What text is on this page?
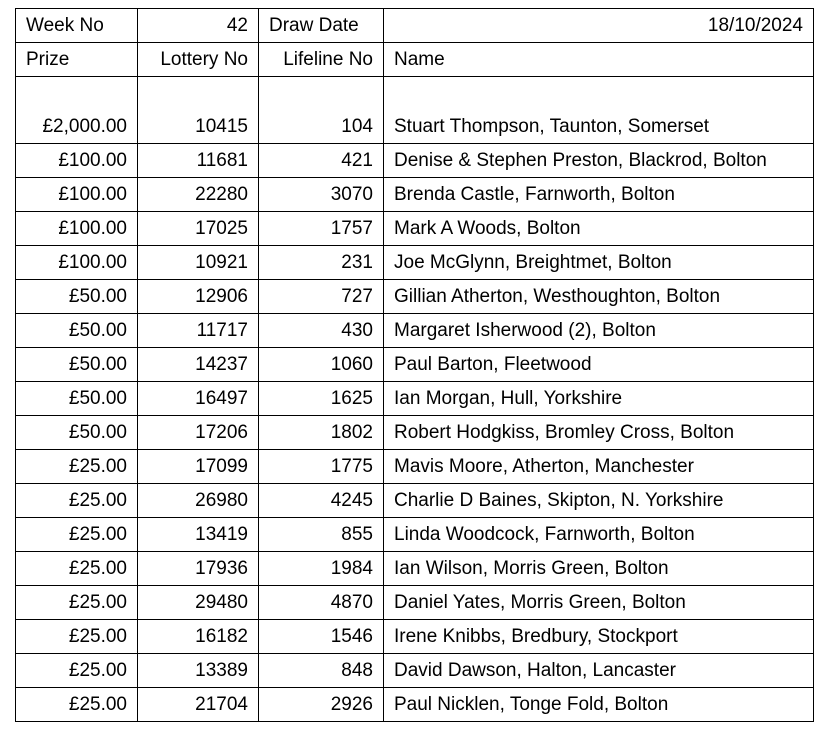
Week No	42	Draw Date	18/10/2024
Prize	Lottery No	Lifeline No	Name

£2,000.00	10415	104	Stuart Thompson, Taunton, Somerset
£100.00	11681	421	Denise & Stephen Preston, Blackrod, Bolton
£100.00	22280	3070	Brenda Castle, Farnworth, Bolton
£100.00	17025	1757	Mark A Woods, Bolton
£100.00	10921	231	Joe McGlynn, Breightmet, Bolton
£50.00	12906	727	Gillian Atherton, Westhoughton, Bolton
£50.00	11717	430	Margaret Isherwood (2), Bolton
£50.00	14237	1060	Paul Barton, Fleetwood
£50.00	16497	1625	Ian Morgan, Hull, Yorkshire
£50.00	17206	1802	Robert Hodgkiss, Bromley Cross, Bolton
£25.00	17099	1775	Mavis Moore, Atherton, Manchester
£25.00	26980	4245	Charlie D Baines, Skipton, N. Yorkshire
£25.00	13419	855	Linda Woodcock, Farnworth, Bolton
£25.00	17936	1984	Ian Wilson, Morris Green, Bolton
£25.00	29480	4870	Daniel Yates, Morris Green, Bolton
£25.00	16182	1546	Irene Knibbs, Bredbury, Stockport
£25.00	13389	848	David Dawson, Halton, Lancaster
£25.00	21704	2926	Paul Nicklen, Tonge Fold, Bolton
